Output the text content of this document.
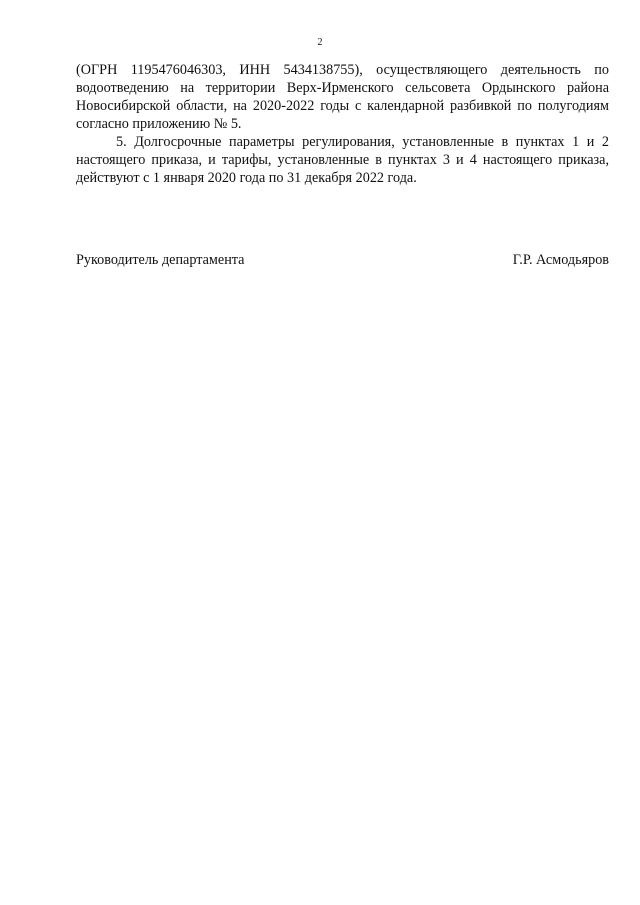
2

(ОГРН 1195476046303, ИНН 5434138755), осуществляющего деятельность по водоотведению на территории Верх-Ирменского сельсовета Ордынского района Новосибирской области, на 2020-2022 годы с календарной разбивкой по полугодиям согласно приложению № 5.

5. Долгосрочные параметры регулирования, установленные в пунктах 1 и 2 настоящего приказа, и тарифы, установленные в пунктах 3 и 4 настоящего приказа, действуют с 1 января 2020 года по 31 декабря 2022 года.

Руководитель департамента	Г.Р. Асмодьяров
